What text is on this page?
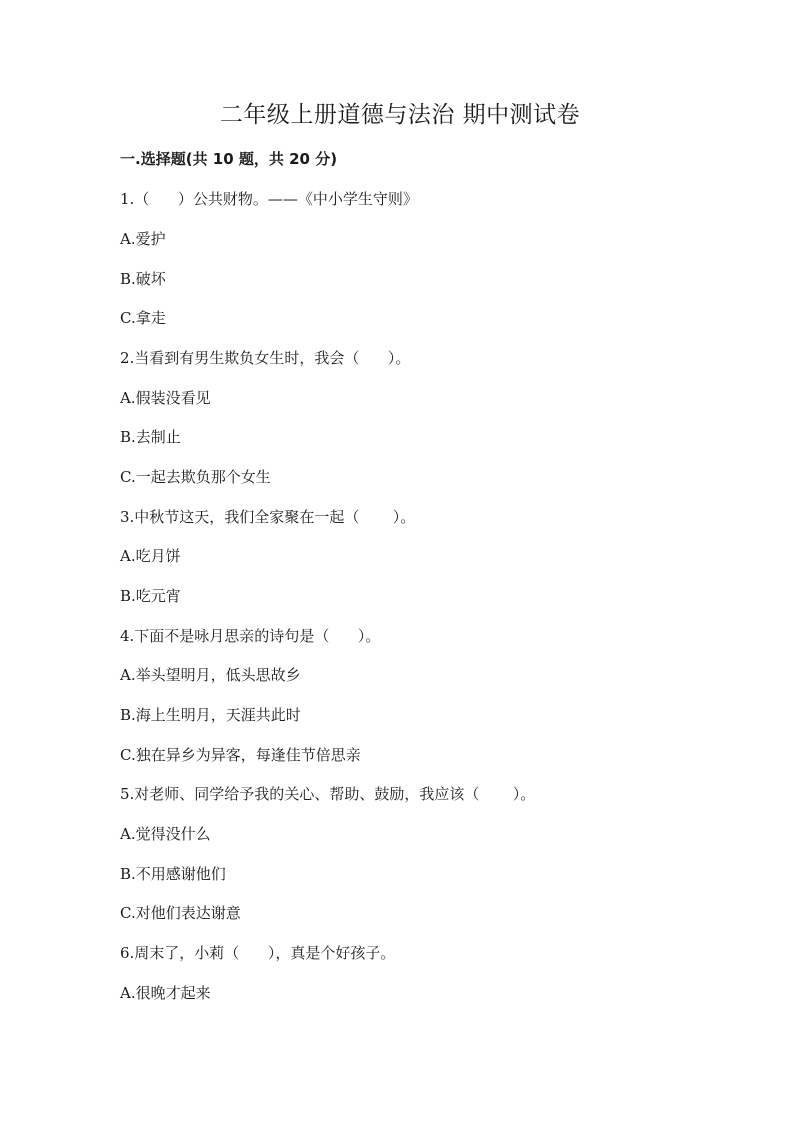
二年级上册道德与法治 期中测试卷
一.选择题(共 10 题，共 20 分)
1.（      ）公共财物。——《中小学生守则》
A.爱护
B.破坏
C.拿走
2.当看到有男生欺负女生时，我会（      ）。
A.假装没看见
B.去制止
C.一起去欺负那个女生
3.中秋节这天，我们全家聚在一起（       ）。
A.吃月饼
B.吃元宵
4.下面不是咏月思亲的诗句是（      ）。
A.举头望明月，低头思故乡
B.海上生明月，天涯共此时
C.独在异乡为异客，每逢佳节倍思亲
5.对老师、同学给予我的关心、帮助、鼓励，我应该（       ）。
A.觉得没什么
B.不用感谢他们
C.对他们表达谢意
6.周末了，小莉（      ），真是个好孩子。
A.很晚才起来
